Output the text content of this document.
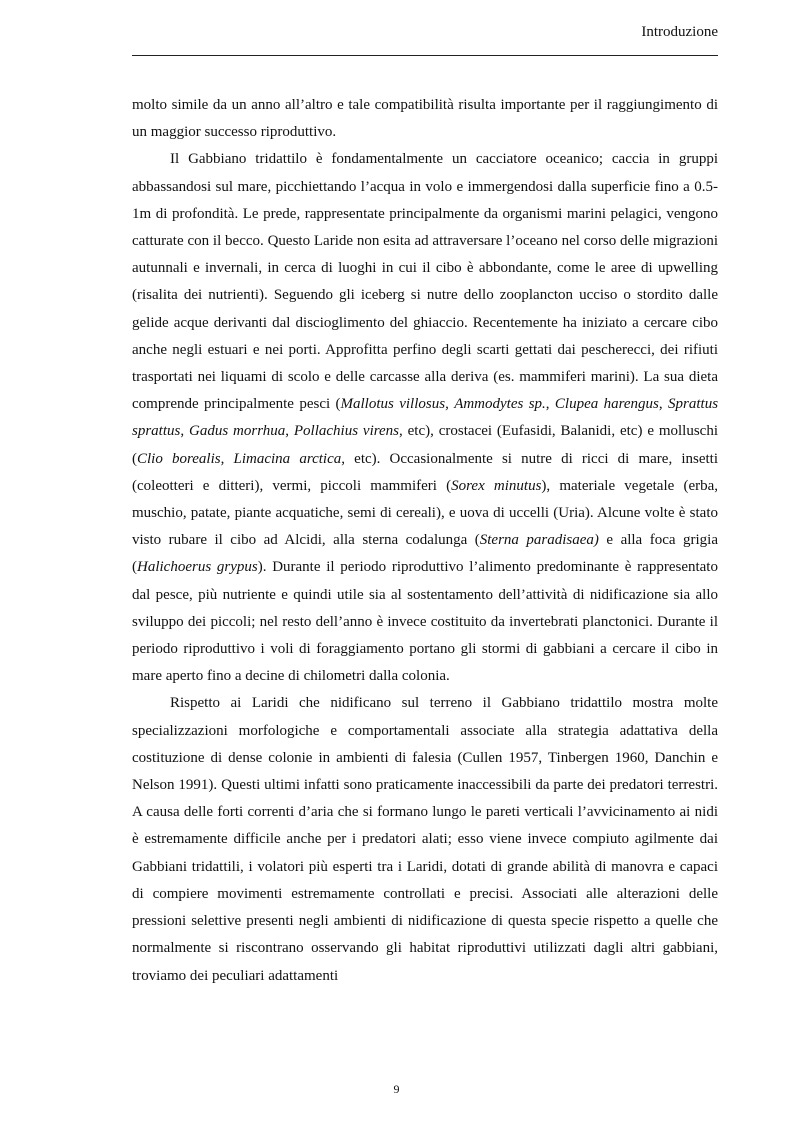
Introduzione

molto simile da un anno all’altro e tale compatibilità risulta importante per il raggiungimento di un maggior successo riproduttivo.

Il Gabbiano tridattilo è fondamentalmente un cacciatore oceanico; caccia in gruppi abbassandosi sul mare, picchiettando l’acqua in volo e immergendosi dalla superficie fino a 0.5-1m di profondità. Le prede, rappresentate principalmente da organismi marini pelagici, vengono catturate con il becco. Questo Laride non esita ad attraversare l’oceano nel corso delle migrazioni autunnali e invernali, in cerca di luoghi in cui il cibo è abbondante, come le aree di upwelling (risalita dei nutrienti). Seguendo gli iceberg si nutre dello zooplancton ucciso o stordito dalle gelide acque derivanti dal discioglimento del ghiaccio. Recentemente ha iniziato a cercare cibo anche negli estuari e nei porti. Approfitta perfino degli scarti gettati dai pescherecci, dei rifiuti trasportati nei liquami di scolo e delle carcasse alla deriva (es. mammiferi marini). La sua dieta comprende principalmente pesci (Mallotus villosus, Ammodytes sp., Clupea harengus, Sprattus sprattus, Gadus morrhua, Pollachius virens, etc), crostacei (Eufasidi, Balanidi, etc) e molluschi (Clio borealis, Limacina arctica, etc). Occasionalmente si nutre di ricci di mare, insetti (coleotteri e ditteri), vermi, piccoli mammiferi (Sorex minutus), materiale vegetale (erba, muschio, patate, piante acquatiche, semi di cereali), e uova di uccelli (Uria). Alcune volte è stato visto rubare il cibo ad Alcidi, alla sterna codalunga (Sterna paradisaea) e alla foca grigia (Halichoerus grypus). Durante il periodo riproduttivo l’alimento predominante è rappresentato dal pesce, più nutriente e quindi utile sia al sostentamento dell’attività di nidificazione sia allo sviluppo dei piccoli; nel resto dell’anno è invece costituito da invertebrati planctonici. Durante il periodo riproduttivo i voli di foraggiamento portano gli stormi di gabbiani a cercare il cibo in mare aperto fino a decine di chilometri dalla colonia.

Rispetto ai Laridi che nidificano sul terreno il Gabbiano tridattilo mostra molte specializzazioni morfologiche e comportamentali associate alla strategia adattativa della costituzione di dense colonie in ambienti di falesia (Cullen 1957, Tinbergen 1960, Danchin e Nelson 1991). Questi ultimi infatti sono praticamente inaccessibili da parte dei predatori terrestri. A causa delle forti correnti d’aria che si formano lungo le pareti verticali l’avvicinamento ai nidi è estremamente difficile anche per i predatori alati; esso viene invece compiuto agilmente dai Gabbiani tridattili, i volatori più esperti tra i Laridi, dotati di grande abilità di manovra e capaci di compiere movimenti estremamente controllati e precisi. Associati alle alterazioni delle pressioni selettive presenti negli ambienti di nidificazione di questa specie rispetto a quelle che normalmente si riscontrano osservando gli habitat riproduttivi utilizzati dagli altri gabbiani, troviamo dei peculiari adattamenti

9
